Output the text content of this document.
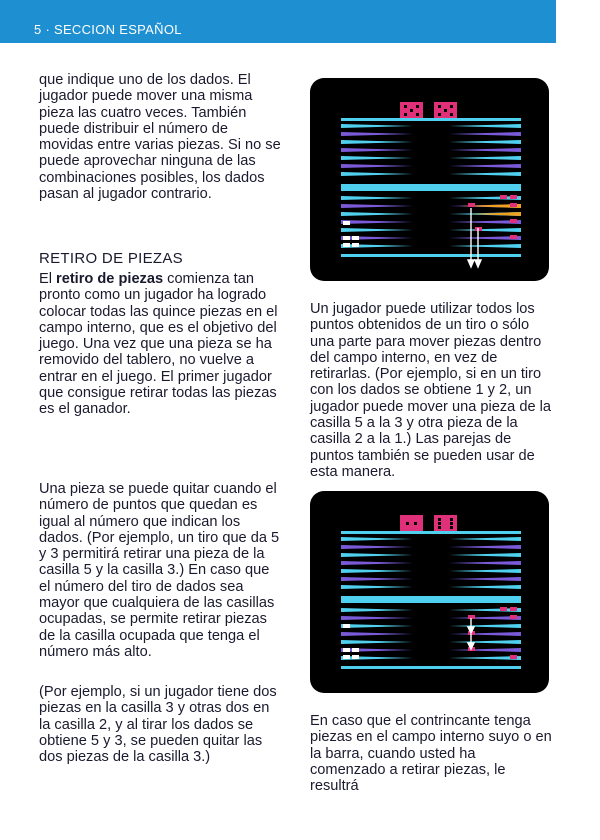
5 · SECCION ESPAÑOL

que indique uno de los dados. El jugador puede mover una misma pieza las cuatro veces. También puede distribuir el número de movidas entre varias piezas. Si no se puede aprovechar ninguna de las combinaciones posibles, los dados pasan al jugador contrario.

RETIRO DE PIEZAS

El retiro de piezas comienza tan pronto como un jugador ha logrado colocar todas las quince piezas en el campo interno, que es el objetivo del juego. Una vez que una pieza se ha removido del tablero, no vuelve a entrar en el juego. El primer jugador que consigue retirar todas las piezas es el ganador.

Una pieza se puede quitar cuando el número de puntos que quedan es igual al número que indican los dados. (Por ejemplo, un tiro que da 5 y 3 permitirá retirar una pieza de la casilla 5 y la casilla 3.) En caso que el número del tiro de dados sea mayor que cualquiera de las casillas ocupadas, se permite retirar piezas de la casilla ocupada que tenga el número más alto.

(Por ejemplo, si un jugador tiene dos piezas en la casilla 3 y otras dos en la casilla 2, y al tirar los dados se obtiene 5 y 3, se pueden quitar las dos piezas de la casilla 3.)

Un jugador puede utilizar todos los puntos obtenidos de un tiro o sólo una parte para mover piezas dentro del campo interno, en vez de retirarlas. (Por ejemplo, si en un tiro con los dados se obtiene 1 y 2, un jugador puede mover una pieza de la casilla 5 a la 3 y otra pieza de la casilla 2 a la 1.) Las parejas de puntos también se pueden usar de esta manera.

En caso que el contrincante tenga piezas en el campo interno suyo o en la barra, cuando usted ha comenzado a retirar piezas, le resultrá
